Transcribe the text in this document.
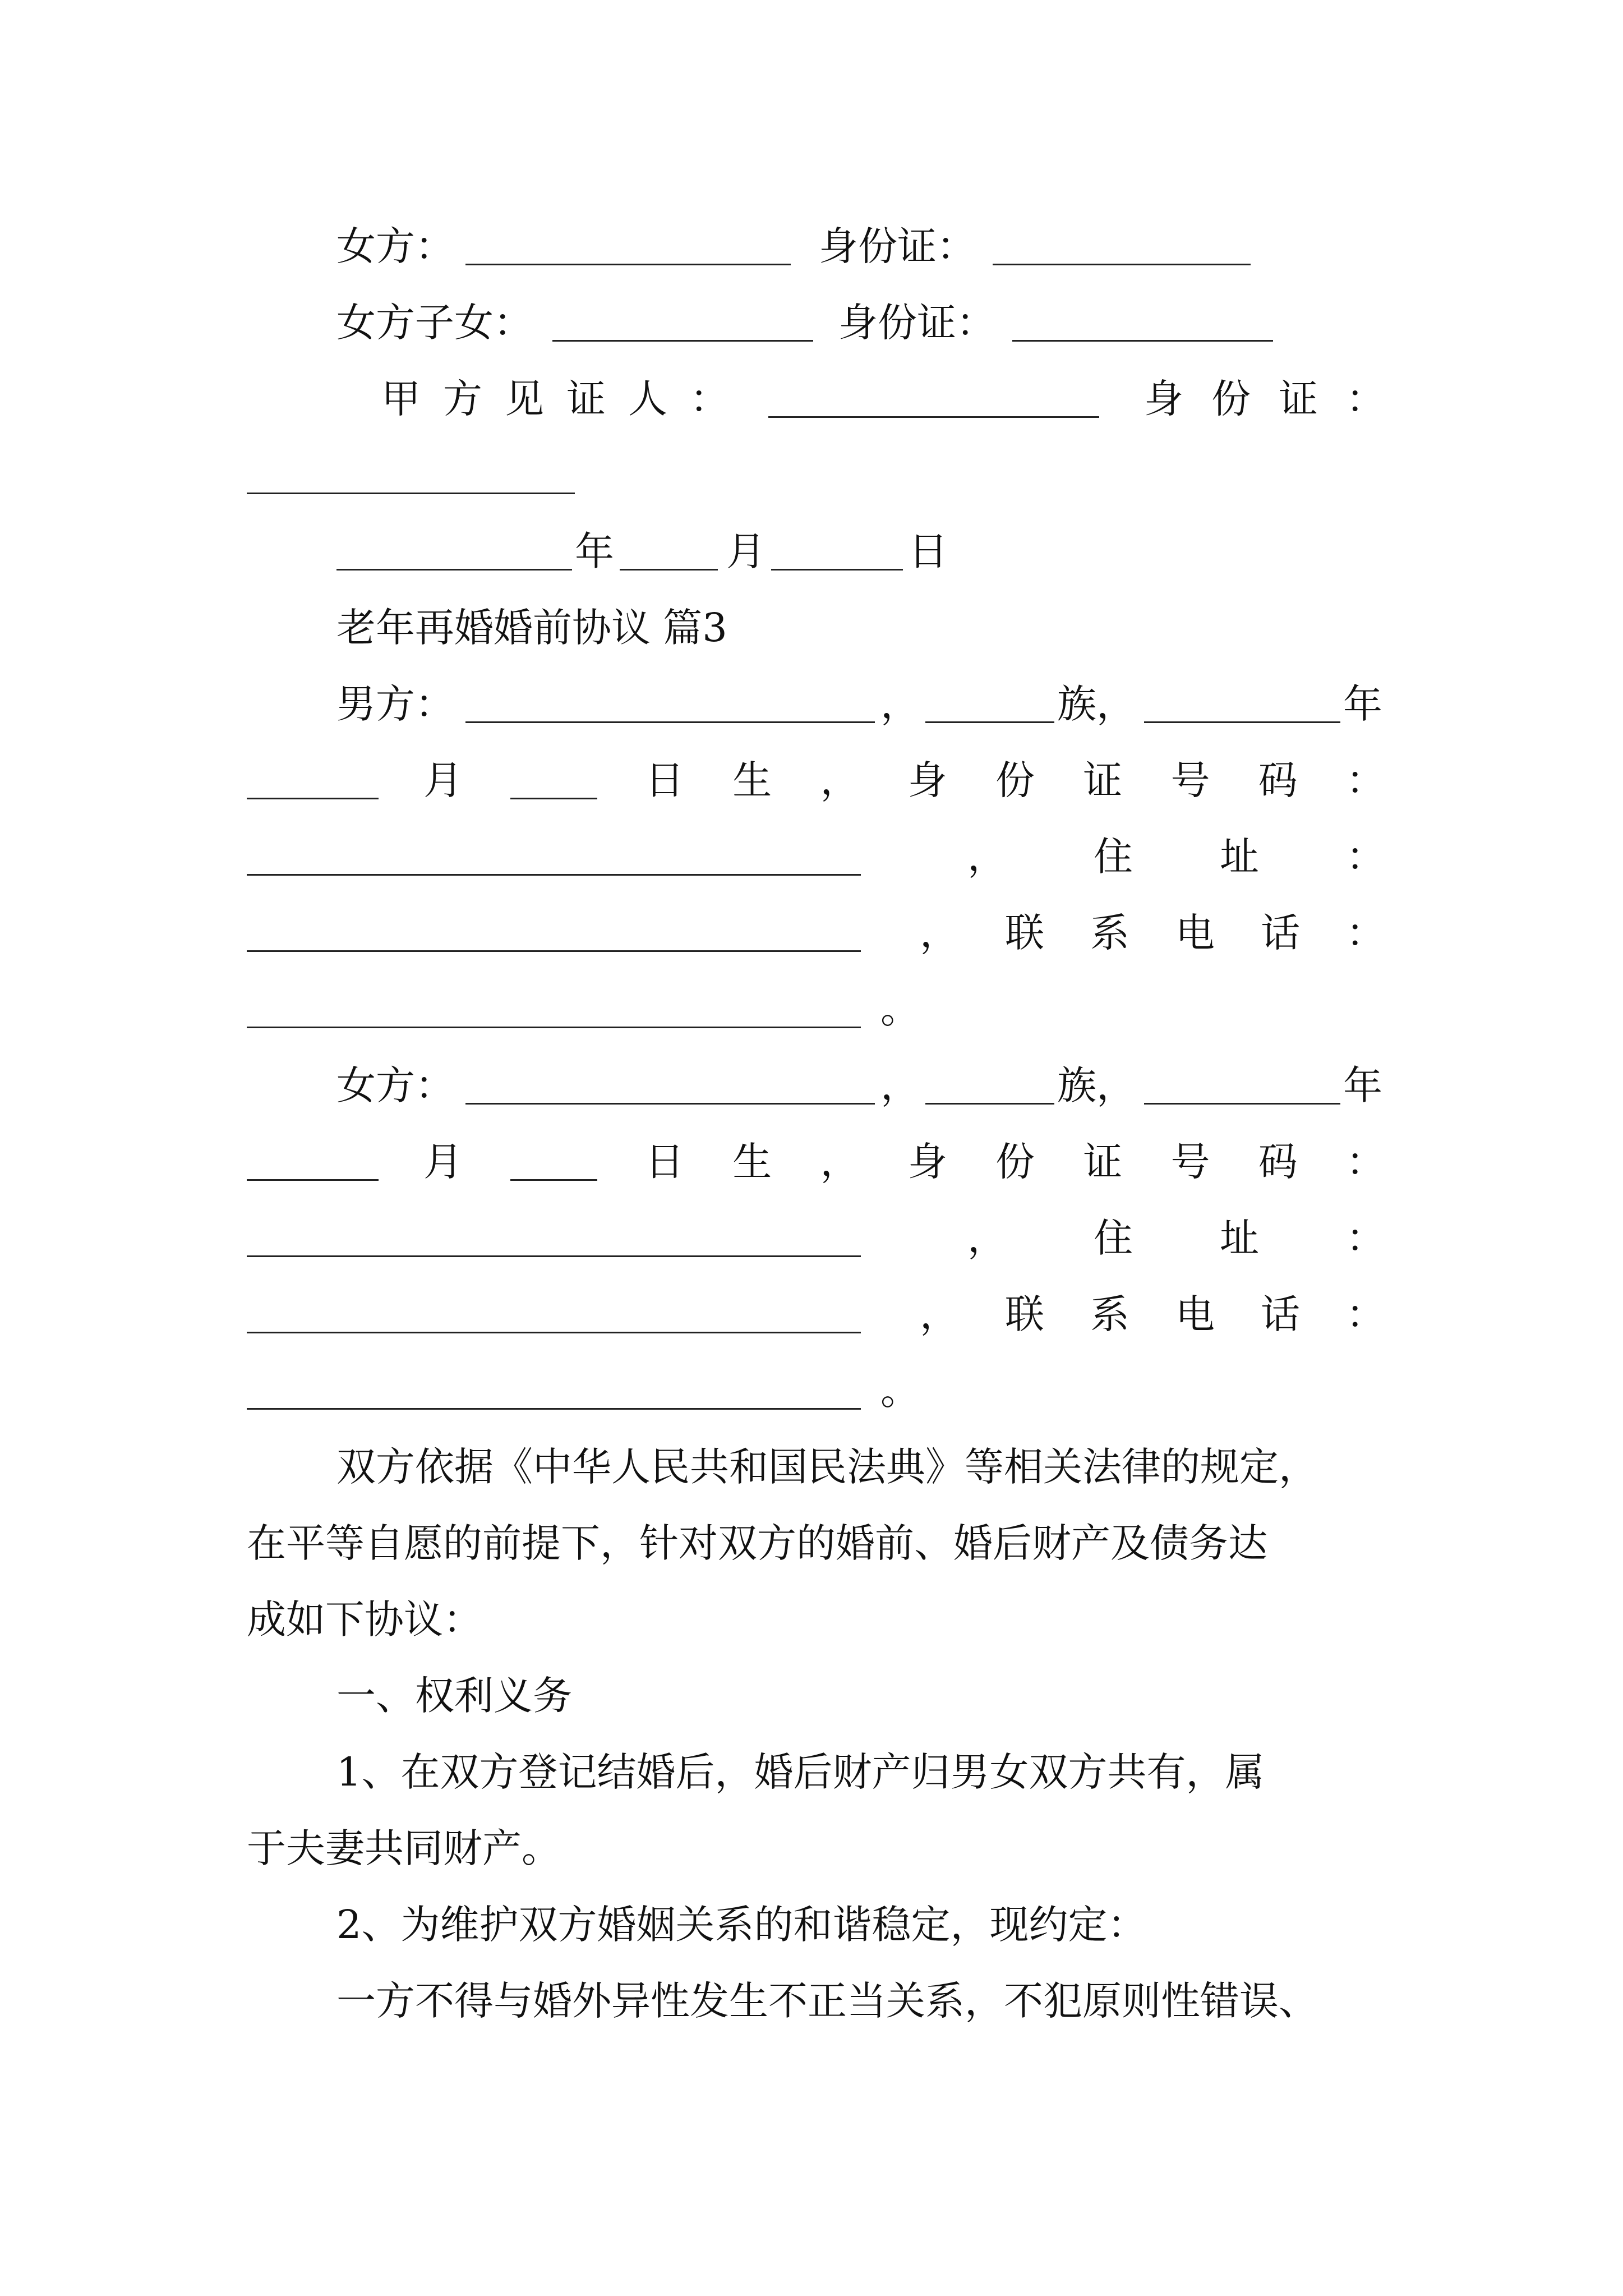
女方：	身份证：
女方子女：	身份证：
甲 方 见 证 人 ：	身 份 证 ：
年	月	日
老年再婚婚前协议 篇3
男方：	，	族，	年
月	日 生 ， 身 份 证 号 码 ：
， 住 址 ：
， 联 系 电 话 ：
。
女方：	，	族，	年
月	日 生 ， 身 份 证 号 码 ：
， 住 址 ：
， 联 系 电 话 ：
。
双方依据《中华人民共和国民法典》等相关法律的规定，
在平等自愿的前提下，针对双方的婚前、婚后财产及债务达
成如下协议：
一、权利义务
1、在双方登记结婚后，婚后财产归男女双方共有，属
于夫妻共同财产。
2、为维护双方婚姻关系的和谐稳定，现约定：
一方不得与婚外异性发生不正当关系，不犯原则性错误、
